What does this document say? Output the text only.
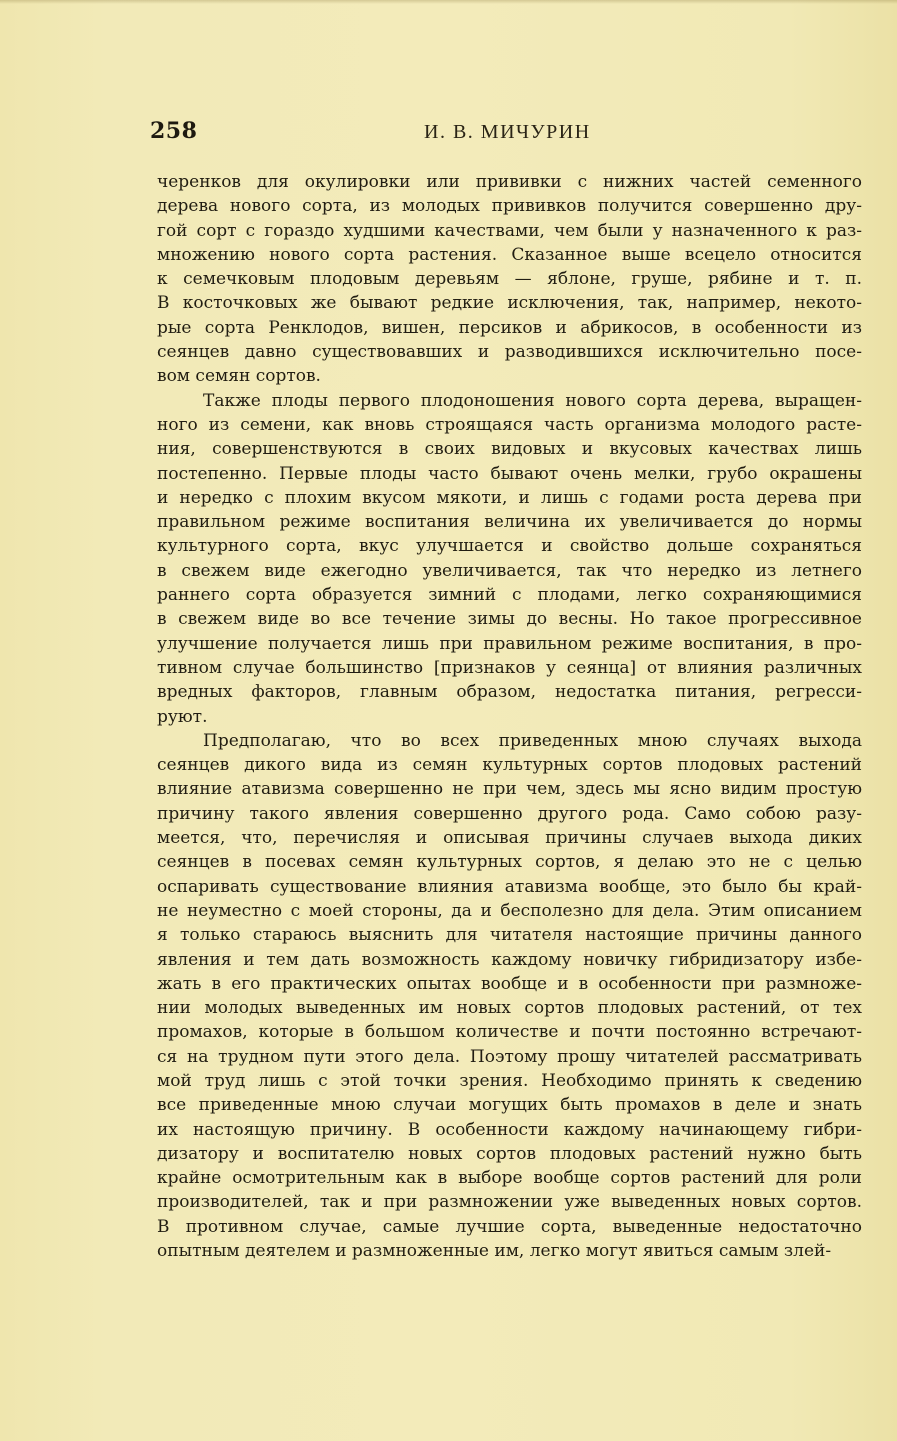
258	И. В. МИЧУРИН
черенков для окулировки или прививки с нижних частей семенного
дерева нового сорта, из молодых прививков получится совершенно дру-
гой сорт с гораздо худшими качествами, чем были у назначенного к раз-
множению нового сорта растения. Сказанное выше всецело относится
к семечковым плодовым деревьям — яблоне, груше, рябине и т. п.
В косточковых же бывают редкие исключения, так, например, некото-
рые сорта Ренклодов, вишен, персиков и абрикосов, в особенности из
сеянцев давно существовавших и разводившихся исключительно посе-
вом семян сортов.
Также плоды первого плодоношения нового сорта дерева, выращен-
ного из семени, как вновь строящаяся часть организма молодого расте-
ния, совершенствуются в своих видовых и вкусовых качествах лишь
постепенно. Первые плоды часто бывают очень мелки, грубо окрашены
и нередко с плохим вкусом мякоти, и лишь с годами роста дерева при
правильном режиме воспитания величина их увеличивается до нормы
культурного сорта, вкус улучшается и свойство дольше сохраняться
в свежем виде ежегодно увеличивается, так что нередко из летнего
раннего сорта образуется зимний с плодами, легко сохраняющимися
в свежем виде во все течение зимы до весны. Но такое прогрессивное
улучшение получается лишь при правильном режиме воспитания, в про-
тивном случае большинство [признаков у сеянца] от влияния различных
вредных факторов, главным образом, недостатка питания, регресси-
руют.
Предполагаю, что во всех приведенных мною случаях выхода
сеянцев дикого вида из семян культурных сортов плодовых растений
влияние атавизма совершенно не при чем, здесь мы ясно видим простую
причину такого явления совершенно другого рода. Само собою разу-
меется, что, перечисляя и описывая причины случаев выхода диких
сеянцев в посевах семян культурных сортов, я делаю это не с целью
оспаривать существование влияния атавизма вообще, это было бы край-
не неуместно с моей стороны, да и бесполезно для дела. Этим описанием
я только стараюсь выяснить для читателя настоящие причины данного
явления и тем дать возможность каждому новичку гибридизатору избе-
жать в его практических опытах вообще и в особенности при размноже-
нии молодых выведенных им новых сортов плодовых растений, от тех
промахов, которые в большом количестве и почти постоянно встречают-
ся на трудном пути этого дела. Поэтому прошу читателей рассматривать
мой труд лишь с этой точки зрения. Необходимо принять к сведению
все приведенные мною случаи могущих быть промахов в деле и знать
их настоящую причину. В особенности каждому начинающему гибри-
дизатору и воспитателю новых сортов плодовых растений нужно быть
крайне осмотрительным как в выборе вообще сортов растений для роли
производителей, так и при размножении уже выведенных новых сортов.
В противном случае, самые лучшие сорта, выведенные недостаточно
опытным деятелем и размноженные им, легко могут явиться самым злей-
